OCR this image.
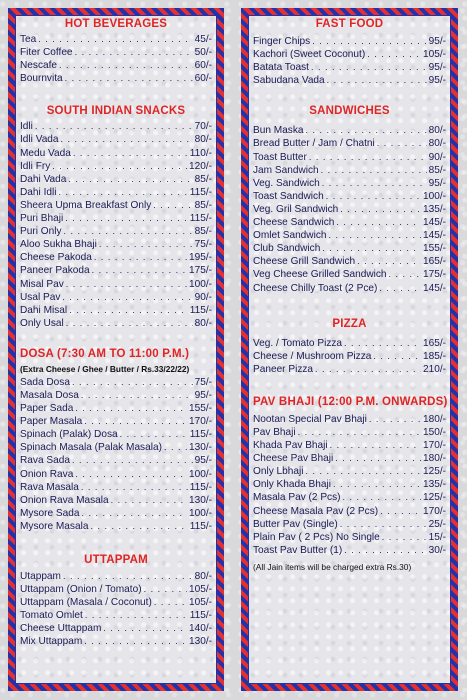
HOT BEVERAGES
Tea . . .	45/-
Fiter Coffee . . .	50/-
Nescafe . . .	60/-
Bournvita . . .	60/-
SOUTH INDIAN SNACKS
Idli . . .	70/-
Idli Vada . . .	80/-
Medu Vada . . .	110/-
Idli Fry . . .	120/-
Dahi Vada . . .	85/-
Dahi Idli . . .	115/-
Sheera Upma Breakfast Only . . .	85/-
Puri Bhaji . . .	115/-
Puri Only . . .	85/-
Aloo Sukha Bhaji . . .	75/-
Cheese Pakoda . . .	195/-
Paneer Pakoda . . .	175/-
Misal Pav . . .	100/-
Usal Pav . . .	90/-
Dahi Misal . . .	115/-
Only Usal . . .	80/-
DOSA (7:30 AM TO 11:00 P.M.)
(Extra Cheese / Ghee / Butter / Rs.33/22/22)
Sada Dosa . . .	75/-
Masala Dosa . . .	95/-
Paper Sada . . .	155/-
Paper Masala . . .	170/-
Spinach (Palak) Dosa . . .	115/-
Spinach Masala (Palak Masala) . . .	130/-
Rava Sada . . .	95/-
Onion Rava . . .	100/-
Rava Masala . . .	115/-
Onion Rava Masala . . .	130/-
Mysore Sada . . .	100/-
Mysore Masala . . .	115/-
UTTAPPAM
Utappam . . .	80/-
Uttappam (Onion / Tomato) . . .	105/-
Uttappam (Masala / Coconut) . . .	105/-
Tomato Omlet . . .	115/-
Cheese Uttappam . . .	140/-
Mix Uttappam . . .	130/-
FAST FOOD
Finger Chips . . .	95/-
Kachori (Sweet Coconut) . . .	105/-
Batata Toast . . .	95/-
Sabudana Vada . . .	95/-
SANDWICHES
Bun Maska . . .	80/-
Bread Butter / Jam / Chatni . . .	80/-
Toast Butter . . .	90/-
Jam Sandwich . . .	85/-
Veg. Sandwich . . .	95/-
Toast Sandwich . . .	100/-
Veg. Gril Sandwich . . .	135/-
Cheese Sandwich . . .	145/-
Omlet Sandwich . . .	145/-
Club Sandwich . . .	155/-
Cheese Grill Sandwich . . .	165/-
Veg Cheese Grilled Sandwich . . .	175/-
Cheese Chilly Toast (2 Pce) . . .	145/-
PIZZA
Veg. / Tomato Pizza . . .	165/-
Cheese / Mushroom Pizza . . .	185/-
Paneer Pizza . . .	210/-
PAV BHAJI (12:00 P.M. ONWARDS)
Nootan Special Pav Bhaji . . .	180/-
Pav Bhaji . . .	150/-
Khada Pav Bhaji . . .	170/-
Cheese Pav Bhaji . . .	180/-
Only Lbhaji . . .	125/-
Only Khada Bhaji . . .	135/-
Masala Pav (2 Pcs) . . .	125/-
Cheese Masala Pav (2 Pcs) . . .	170/-
Butter Pav (Single) . . .	25/-
Plain Pav ( 2 Pcs) No Single . . .	15/-
Toast Pav Butter (1) . . .	30/-
(All Jain items will be charged extra Rs.30)
